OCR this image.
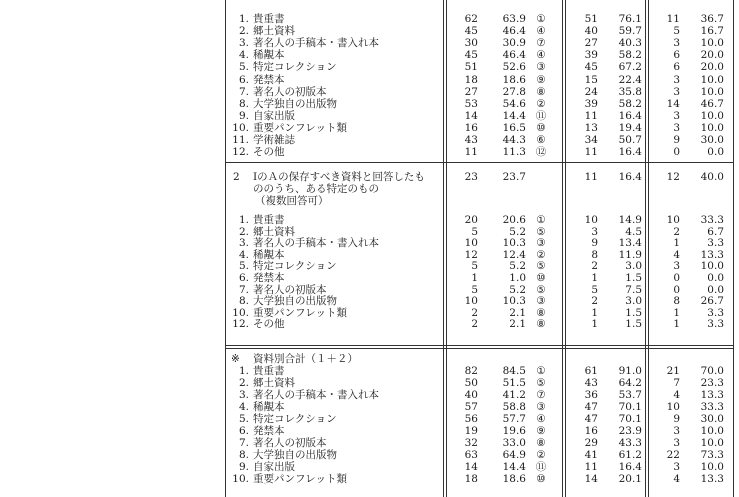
1. 貴重書	62	63.9 ①	51	76.1	11	36.7
2. 郷土資料	45	46.4 ④	40	59.7	5	16.7
3. 著名人の手稿本・書入れ本	30	30.9 ⑦	27	40.3	3	10.0
4. 稀覯本	45	46.4 ④	39	58.2	6	20.0
5. 特定コレクション	51	52.6 ③	45	67.2	6	20.0
6. 発禁本	18	18.6 ⑨	15	22.4	3	10.0
7. 著名人の初版本	27	27.8 ⑧	24	35.8	3	10.0
8. 大学独自の出版物	53	54.6 ②	39	58.2	14	46.7
9. 自家出版	14	14.4 ⑪	11	16.4	3	10.0
10. 重要パンフレット類	16	16.5 ⑩	13	19.4	3	10.0
11. 学術雑誌	43	44.3 ⑥	34	50.7	9	30.0
12. その他	11	11.3 ⑫	11	16.4	0	0.0
2 ⅠのＡの保存すべき資料と回答したも
ののうち、ある特定のもの
（複数回答可）
23	23.7	11	16.4	12	40.0
1. 貴重書	20	20.6 ①	10	14.9	10	33.3
2. 郷土資料	5	5.2 ⑤	3	4.5	2	6.7
3. 著名人の手稿本・書入れ本	10	10.3 ③	9	13.4	1	3.3
4. 稀覯本	12	12.4 ②	8	11.9	4	13.3
5. 特定コレクション	5	5.2 ⑤	2	3.0	3	10.0
6. 発禁本	1	1.0 ⑩	1	1.5	0	0.0
7. 著名人の初版本	5	5.2 ⑤	5	7.5	0	0.0
8. 大学独自の出版物	10	10.3 ③	2	3.0	8	26.7
10. 重要パンフレット類	2	2.1 ⑧	1	1.5	1	3.3
12. その他	2	2.1 ⑧	1	1.5	1	3.3
※ 資料別合計（１＋２）
1. 貴重書	82	84.5 ①	61	91.0	21	70.0
2. 郷土資料	50	51.5 ⑤	43	64.2	7	23.3
3. 著名人の手稿本・書入れ本	40	41.2 ⑦	36	53.7	4	13.3
4. 稀覯本	57	58.8 ③	47	70.1	10	33.3
5. 特定コレクション	56	57.7 ④	47	70.1	9	30.0
6. 発禁本	19	19.6 ⑨	16	23.9	3	10.0
7. 著名人の初版本	32	33.0 ⑧	29	43.3	3	10.0
8. 大学独自の出版物	63	64.9 ②	41	61.2	22	73.3
9. 自家出版	14	14.4 ⑪	11	16.4	3	10.0
10. 重要パンフレット類	18	18.6 ⑩	14	20.1	4	13.3
